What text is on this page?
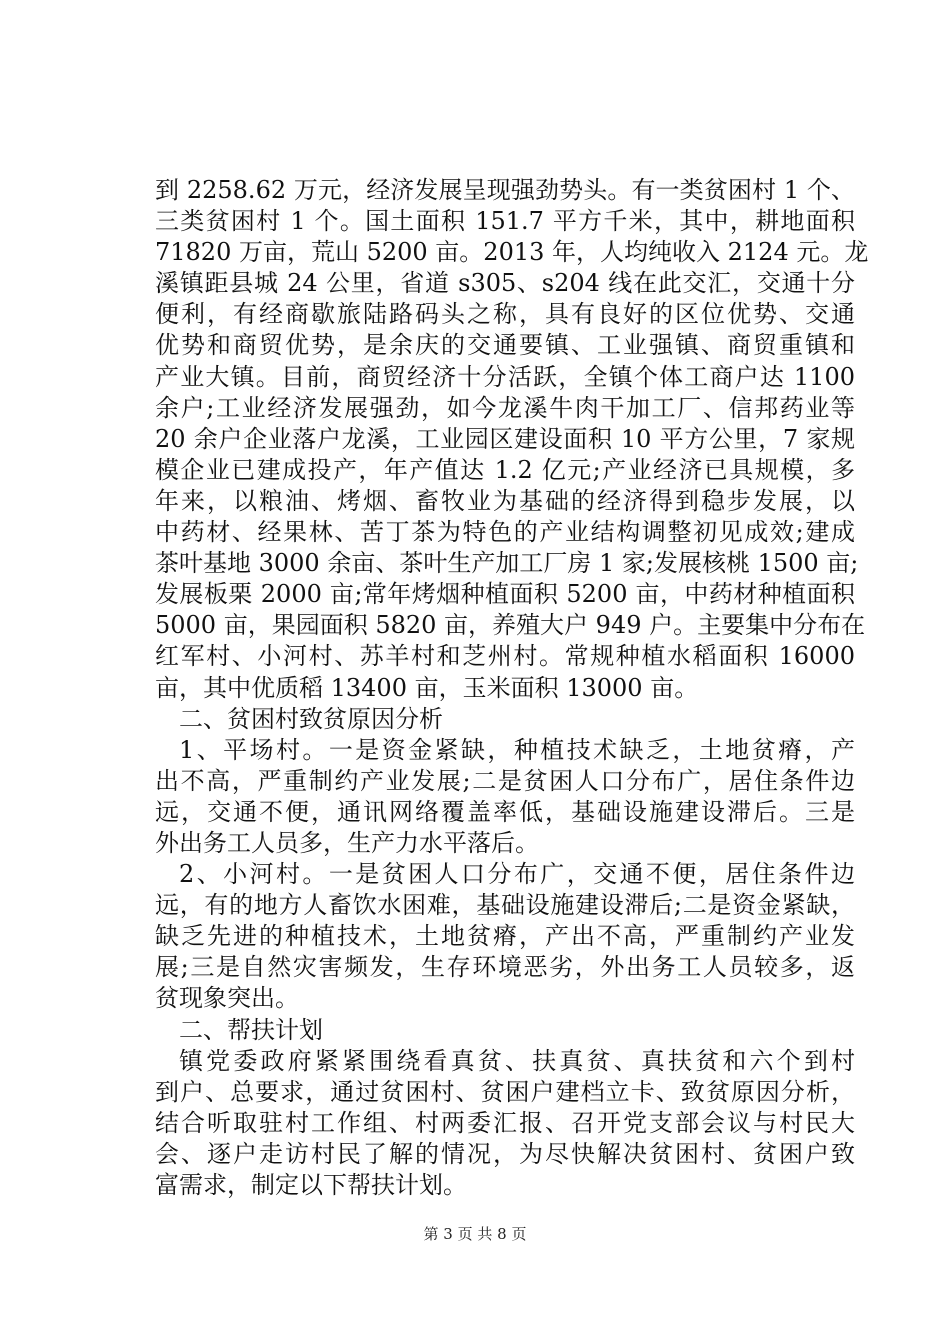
到 2258.62 万元，经济发展呈现强劲势头。有一类贫困村 1 个、
三类贫困村 1 个。国土面积 151.7 平方千米，其中，耕地面积
71820 万亩，荒山 5200 亩。2013 年，人均纯收入 2124 元。龙
溪镇距县城 24 公里，省道 s305、s204 线在此交汇，交通十分
便利，有经商歇旅陆路码头之称，具有良好的区位优势、交通
优势和商贸优势，是余庆的交通要镇、工业强镇、商贸重镇和
产业大镇。目前，商贸经济十分活跃，全镇个体工商户达 1100
余户;工业经济发展强劲，如今龙溪牛肉干加工厂、信邦药业等
20 余户企业落户龙溪，工业园区建设面积 10 平方公里，7 家规
模企业已建成投产，年产值达 1.2 亿元;产业经济已具规模，多
年来，以粮油、烤烟、畜牧业为基础的经济得到稳步发展，以
中药材、经果林、苦丁茶为特色的产业结构调整初见成效;建成
茶叶基地 3000 余亩、茶叶生产加工厂房 1 家;发展核桃 1500 亩;
发展板栗 2000 亩;常年烤烟种植面积 5200 亩，中药材种植面积
5000 亩，果园面积 5820 亩，养殖大户 949 户。主要集中分布在
红军村、小河村、苏羊村和芝州村。常规种植水稻面积 16000
亩，其中优质稻 13400 亩，玉米面积 13000 亩。
二、贫困村致贫原因分析
1、平场村。一是资金紧缺，种植技术缺乏，土地贫瘠，产
出不高，严重制约产业发展;二是贫困人口分布广，居住条件边
远，交通不便，通讯网络覆盖率低，基础设施建设滞后。三是
外出务工人员多，生产力水平落后。
2、小河村。一是贫困人口分布广，交通不便，居住条件边
远，有的地方人畜饮水困难，基础设施建设滞后;二是资金紧缺，
缺乏先进的种植技术，土地贫瘠，产出不高，严重制约产业发
展;三是自然灾害频发，生存环境恶劣，外出务工人员较多，返
贫现象突出。
二、帮扶计划
镇党委政府紧紧围绕看真贫、扶真贫、真扶贫和六个到村
到户、总要求，通过贫困村、贫困户建档立卡、致贫原因分析，
结合听取驻村工作组、村两委汇报、召开党支部会议与村民大
会、逐户走访村民了解的情况，为尽快解决贫困村、贫困户致
富需求，制定以下帮扶计划。
第 3 页 共 8 页
